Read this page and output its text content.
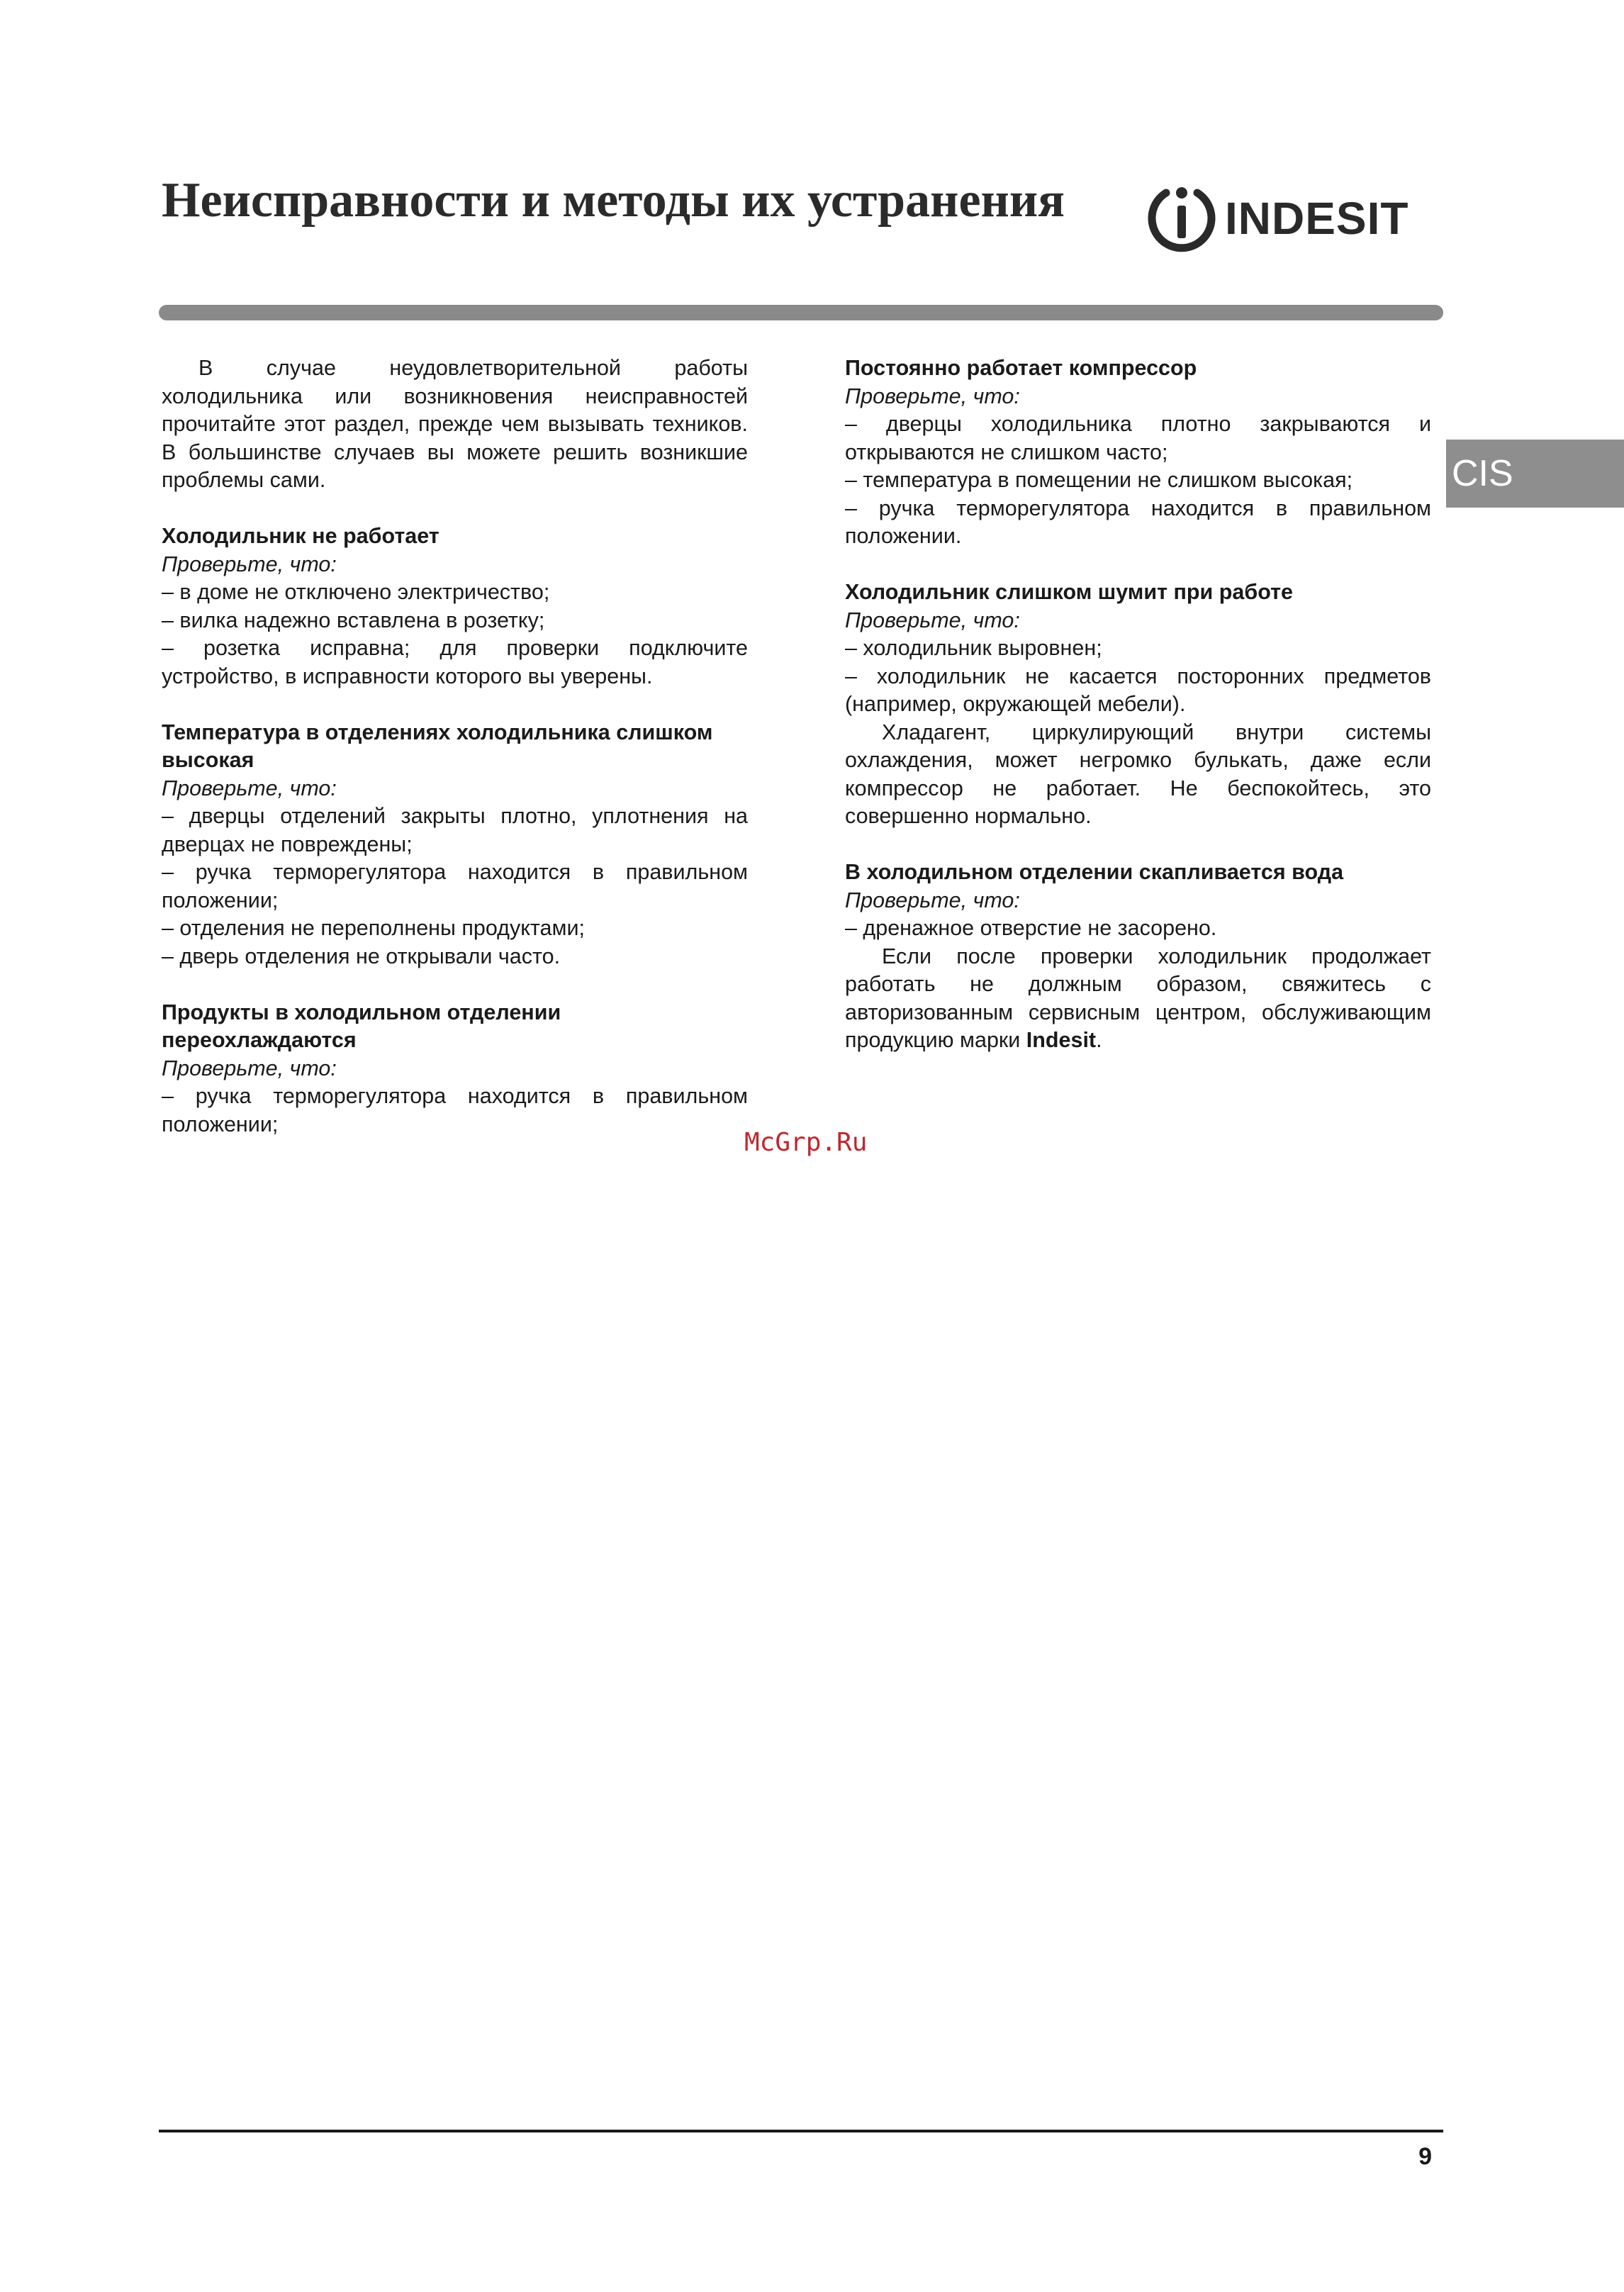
Неисправности и методы их устранения	INDESIT
CIS

В случае неудовлетворительной работы холодильника или возникновения неисправностей прочитайте этот раздел, прежде чем вызывать техников. В большинстве случаев вы можете решить возникшие проблемы сами.

Холодильник не работает

Проверьте, что:

– в доме не отключено электричество;

– вилка надежно вставлена в розетку;

– розетка исправна; для проверки подключите устройство, в исправности которого вы уверены.

Температура в отделениях холодильника слишком высокая

Проверьте, что:

– дверцы отделений закрыты плотно, уплотнения на дверцах не повреждены;

– ручка терморегулятора находится в правильном положении;

– отделения не переполнены продуктами;

– дверь отделения не открывали часто.

Продукты в холодильном отделении переохлаждаются

Проверьте, что:

– ручка терморегулятора находится в правильном положении;

Постоянно работает компрессор

Проверьте, что:

– дверцы холодильника плотно закрываются и открываются не слишком часто;

– температура в помещении не слишком высокая;

– ручка терморегулятора находится в правильном положении.

Холодильник слишком шумит при работе

Проверьте, что:

– холодильник выровнен;

– холодильник не касается посторонних предметов (например, окружающей мебели).

Хладагент, циркулирующий внутри системы охлаждения, может негромко булькать, даже если компрессор не работает. Не беспокойтесь, это совершенно нормально.

В холодильном отделении скапливается вода

Проверьте, что:

– дренажное отверстие не засорено.

Если после проверки холодильник продолжает работать не должным образом, свяжитесь с авторизованным сервисным центром, обслуживающим продукцию марки Indesit.

McGrp.Ru
9
